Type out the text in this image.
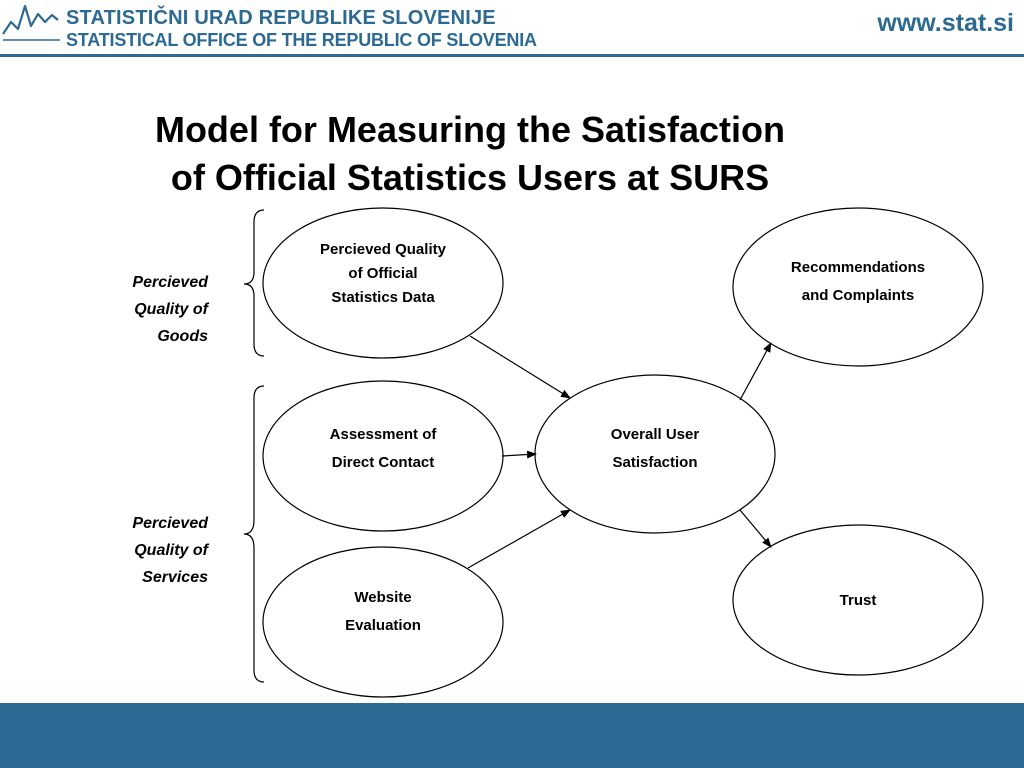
STATISTIČNI URAD REPUBLIKE SLOVENIJE
STATISTICAL OFFICE OF THE REPUBLIC OF SLOVENIA
www.stat.si
Model for Measuring the Satisfaction
of Official Statistics Users at SURS
Percieved
Quality of
Goods
Percieved
Quality of
Services
Percieved Quality
of Official
Statistics Data
Assessment of
Direct Contact
Website
Evaluation
Overall User
Satisfaction
Recommendations
and Complaints
Trust
